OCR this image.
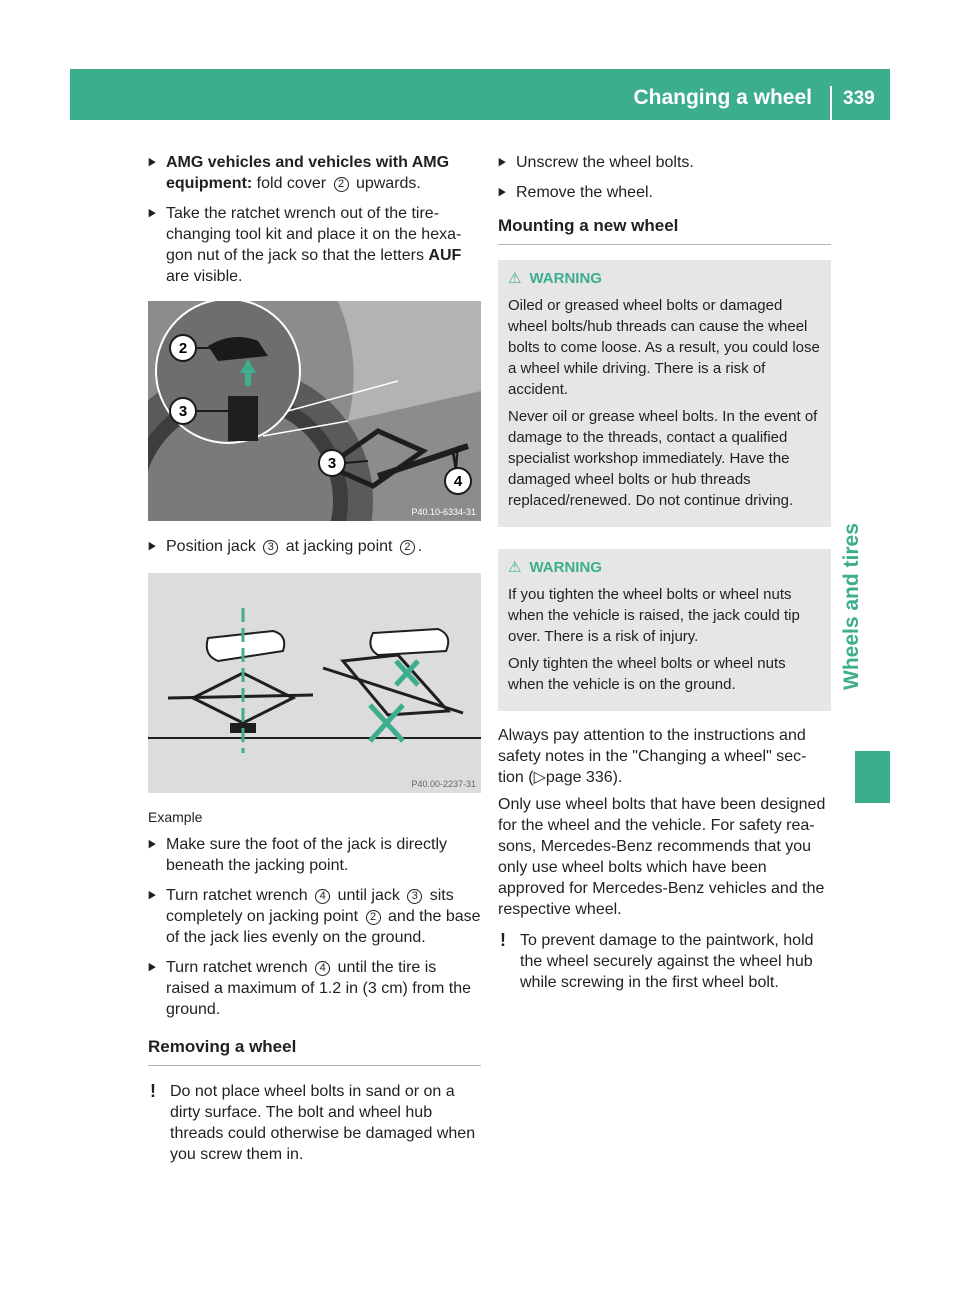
Changing a wheel 339
Wheels and tires
▶ AMG vehicles and vehicles with AMG equipment: fold cover 2 upwards.
▶ Take the ratchet wrench out of the tire-changing tool kit and place it on the hexa-gon nut of the jack so that the letters AUF are visible.
2
3
3
4
P40.10-6334-31
▶ Position jack 3 at jacking point 2 .
P40.00-2237-31
Example
▶ Make sure the foot of the jack is directly beneath the jacking point.
▶ Turn ratchet wrench 4 until jack 3 sits completely on jacking point 2 and the base of the jack lies evenly on the ground.
▶ Turn ratchet wrench 4 until the tire is raised a maximum of 1.2 in (3 cm) from the ground.
Removing a wheel
! Do not place wheel bolts in sand or on a dirty surface. The bolt and wheel hub threads could otherwise be damaged when you screw them in.
▶ Unscrew the wheel bolts.
▶ Remove the wheel.
Mounting a new wheel
⚠ WARNING

Oiled or greased wheel bolts or damaged wheel bolts/hub threads can cause the wheel bolts to come loose. As a result, you could lose a wheel while driving. There is a risk of accident.

Never oil or grease wheel bolts. In the event of damage to the threads, contact a qualified specialist workshop immediately. Have the damaged wheel bolts or hub threads replaced/renewed. Do not continue driving.

⚠ WARNING

If you tighten the wheel bolts or wheel nuts when the vehicle is raised, the jack could tip over. There is a risk of injury.

Only tighten the wheel bolts or wheel nuts when the vehicle is on the ground.

Always pay attention to the instructions and safety notes in the "Changing a wheel" sec-tion (▷page 336).
Only use wheel bolts that have been designed for the wheel and the vehicle. For safety rea-sons, Mercedes-Benz recommends that you only use wheel bolts which have been approved for Mercedes-Benz vehicles and the respective wheel.
! To prevent damage to the paintwork, hold the wheel securely against the wheel hub while screwing in the first wheel bolt.
